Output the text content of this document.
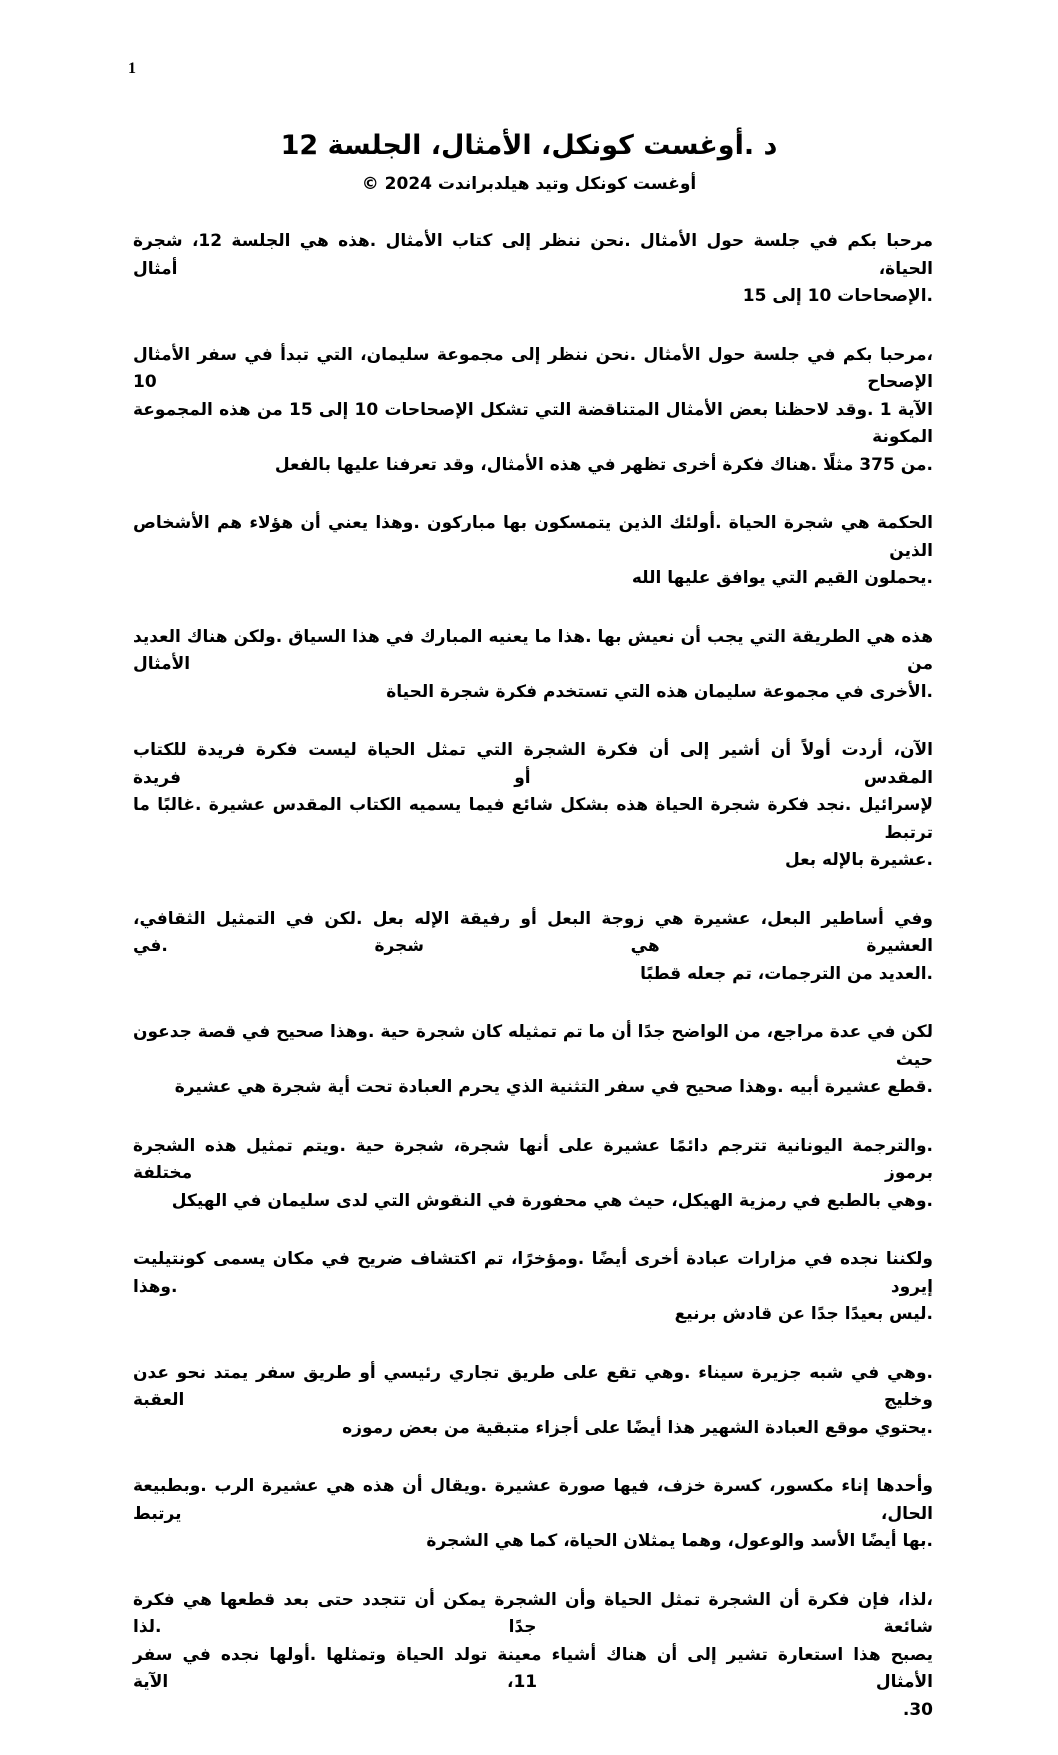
1
د .أوغست كونكل، الأمثال، الجلسة 12
أوغست كونكل وتيد هيلدبراندت 2024 ©
مرحبا بكم في جلسة حول الأمثال .نحن ننظر إلى كتاب الأمثال .هذه هي الجلسة 12، شجرة الحياة، أمثال
.الإصحاحات 10 إلى 15
،مرحبا بكم في جلسة حول الأمثال .نحن ننظر إلى مجموعة سليمان، التي تبدأ في سفر الأمثال الإصحاح 10
الآية 1 .وقد لاحظنا بعض الأمثال المتناقضة التي تشكل الإصحاحات 10 إلى 15 من هذه المجموعة المكونة
.من 375 مثلًا .هناك فكرة أخرى تظهر في هذه الأمثال، وقد تعرفنا عليها بالفعل
الحكمة هي شجرة الحياة .أولئك الذين يتمسكون بها مباركون .وهذا يعني أن هؤلاء هم الأشخاص الذين
.يحملون القيم التي يوافق عليها الله
هذه هي الطريقة التي يجب أن نعيش بها .هذا ما يعنيه المبارك في هذا السياق .ولكن هناك العديد من الأمثال
.الأخرى في مجموعة سليمان هذه التي تستخدم فكرة شجرة الحياة
الآن، أردت أولاً أن أشير إلى أن فكرة الشجرة التي تمثل الحياة ليست فكرة فريدة للكتاب المقدس أو فريدة
لإسرائيل .نجد فكرة شجرة الحياة هذه بشكل شائع فيما يسميه الكتاب المقدس عشيرة .غالبًا ما ترتبط
.عشيرة بالإله بعل
وفي أساطير البعل، عشيرة هي زوجة البعل أو رفيقة الإله بعل .لكن في التمثيل الثقافي، العشيرة هي شجرة .في
.العديد من الترجمات، تم جعله قطبًا
لكن في عدة مراجع، من الواضح جدًا أن ما تم تمثيله كان شجرة حية .وهذا صحيح في قصة جدعون حيث
.قطع عشيرة أبيه .وهذا صحيح في سفر التثنية الذي يحرم العبادة تحت أية شجرة هي عشيرة
.والترجمة اليونانية تترجم دائمًا عشيرة على أنها شجرة، شجرة حية .ويتم تمثيل هذه الشجرة برموز مختلفة
.وهي بالطبع في رمزية الهيكل، حيث هي محفورة في النقوش التي لدى سليمان في الهيكل
ولكننا نجده في مزارات عبادة أخرى أيضًا .ومؤخرًا، تم اكتشاف ضريح في مكان يسمى كونتيليت إيرود .وهذا
.ليس بعيدًا جدًا عن قادش برنيع
.وهي في شبه جزيرة سيناء .وهي تقع على طريق تجاري رئيسي أو طريق سفر يمتد نحو عدن وخليج العقبة
.يحتوي موقع العبادة الشهير هذا أيضًا على أجزاء متبقية من بعض رموزه
وأحدها إناء مكسور، كسرة خزف، فيها صورة عشيرة .ويقال أن هذه هي عشيرة الرب .وبطبيعة الحال، يرتبط
.بها أيضًا الأسد والوعول، وهما يمثلان الحياة، كما هي الشجرة
،لذا، فإن فكرة أن الشجرة تمثل الحياة وأن الشجرة يمكن أن تتجدد حتى بعد قطعها هي فكرة شائعة جدًا .لذا
يصبح هذا استعارة تشير إلى أن هناك أشياء معينة تولد الحياة وتمثلها .أولها نجده في سفر الأمثال 11، الآية
30.
